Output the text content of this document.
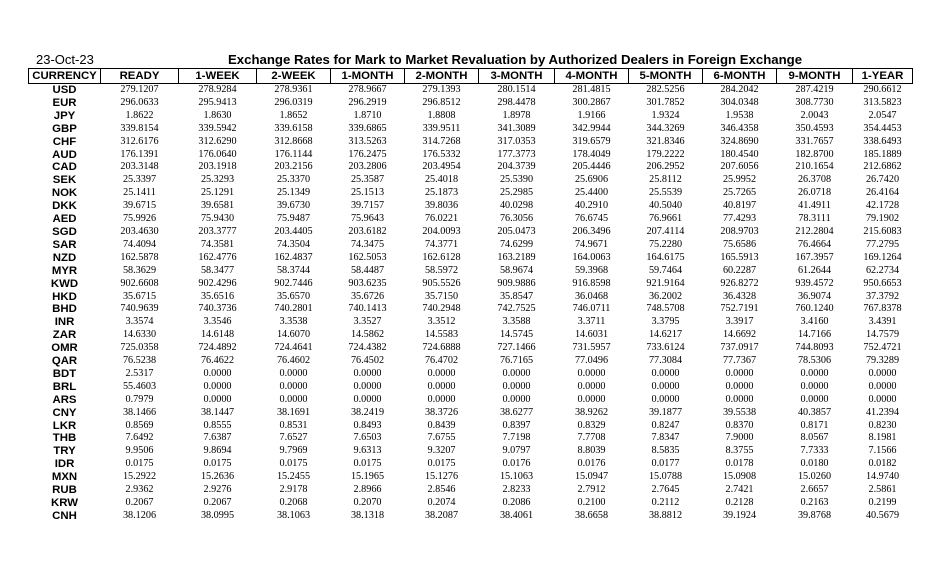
23-Oct-23	Exchange Rates for Mark to Market Revaluation by Authorized Dealers in Foreign Exchange
CURRENCY	READY	1-WEEK	2-WEEK	1-MONTH	2-MONTH	3-MONTH	4-MONTH	5-MONTH	6-MONTH	9-MONTH	1-YEAR
USD	279.1207	278.9284	278.9361	278.9667	279.1393	280.1514	281.4815	282.5256	284.2042	287.4219	290.6612
EUR	296.0633	295.9413	296.0319	296.2919	296.8512	298.4478	300.2867	301.7852	304.0348	308.7730	313.5823
JPY	1.8622	1.8630	1.8652	1.8710	1.8808	1.8978	1.9166	1.9324	1.9538	2.0043	2.0547
GBP	339.8154	339.5942	339.6158	339.6865	339.9511	341.3089	342.9944	344.3269	346.4358	350.4593	354.4453
CHF	312.6176	312.6290	312.8668	313.5263	314.7268	317.0353	319.6579	321.8346	324.8690	331.7657	338.6493
AUD	176.1391	176.0640	176.1144	176.2475	176.5332	177.3773	178.4049	179.2222	180.4540	182.8700	185.1889
CAD	203.3148	203.1918	203.2156	203.2806	203.4954	204.3739	205.4446	206.2952	207.6056	210.1654	212.6862
SEK	25.3397	25.3293	25.3370	25.3587	25.4018	25.5390	25.6906	25.8112	25.9952	26.3708	26.7420
NOK	25.1411	25.1291	25.1349	25.1513	25.1873	25.2985	25.4400	25.5539	25.7265	26.0718	26.4164
DKK	39.6715	39.6581	39.6730	39.7157	39.8036	40.0298	40.2910	40.5040	40.8197	41.4911	42.1728
AED	75.9926	75.9430	75.9487	75.9643	76.0221	76.3056	76.6745	76.9661	77.4293	78.3111	79.1902
SGD	203.4630	203.3777	203.4405	203.6182	204.0093	205.0473	206.3496	207.4114	208.9703	212.2804	215.6083
SAR	74.4094	74.3581	74.3504	74.3475	74.3771	74.6299	74.9671	75.2280	75.6586	76.4664	77.2795
NZD	162.5878	162.4776	162.4837	162.5053	162.6128	163.2189	164.0063	164.6175	165.5913	167.3957	169.1264
MYR	58.3629	58.3477	58.3744	58.4487	58.5972	58.9674	59.3968	59.7464	60.2287	61.2644	62.2734
KWD	902.6608	902.4296	902.7446	903.6235	905.5526	909.9886	916.8598	921.9164	926.8272	939.4572	950.6653
HKD	35.6715	35.6516	35.6570	35.6726	35.7150	35.8547	36.0468	36.2002	36.4328	36.9074	37.3792
BHD	740.9639	740.3736	740.2801	740.1413	740.2948	742.7525	746.0711	748.5708	752.7191	760.1240	767.8378
INR	3.3574	3.3546	3.3538	3.3527	3.3512	3.3588	3.3711	3.3795	3.3917	3.4160	3.4391
ZAR	14.6330	14.6148	14.6070	14.5862	14.5583	14.5745	14.6031	14.6217	14.6692	14.7166	14.7579
OMR	725.0358	724.4892	724.4641	724.4382	724.6888	727.1466	731.5957	733.6124	737.0917	744.8093	752.4721
QAR	76.5238	76.4622	76.4602	76.4502	76.4702	76.7165	77.0496	77.3084	77.7367	78.5306	79.3289
BDT	2.5317	0.0000	0.0000	0.0000	0.0000	0.0000	0.0000	0.0000	0.0000	0.0000	0.0000
BRL	55.4603	0.0000	0.0000	0.0000	0.0000	0.0000	0.0000	0.0000	0.0000	0.0000	0.0000
ARS	0.7979	0.0000	0.0000	0.0000	0.0000	0.0000	0.0000	0.0000	0.0000	0.0000	0.0000
CNY	38.1466	38.1447	38.1691	38.2419	38.3726	38.6277	38.9262	39.1877	39.5538	40.3857	41.2394
LKR	0.8569	0.8555	0.8531	0.8493	0.8439	0.8397	0.8329	0.8247	0.8370	0.8171	0.8230
THB	7.6492	7.6387	7.6527	7.6503	7.6755	7.7198	7.7708	7.8347	7.9000	8.0567	8.1981
TRY	9.9506	9.8694	9.7969	9.6313	9.3207	9.0797	8.8039	8.5835	8.3755	7.7333	7.1566
IDR	0.0175	0.0175	0.0175	0.0175	0.0175	0.0176	0.0176	0.0177	0.0178	0.0180	0.0182
MXN	15.2922	15.2636	15.2455	15.1965	15.1276	15.1063	15.0947	15.0788	15.0908	15.0260	14.9740
RUB	2.9362	2.9276	2.9178	2.8966	2.8546	2.8233	2.7912	2.7645	2.7421	2.6657	2.5861
KRW	0.2067	0.2067	0.2068	0.2070	0.2074	0.2086	0.2100	0.2112	0.2128	0.2163	0.2199
CNH	38.1206	38.0995	38.1063	38.1318	38.2087	38.4061	38.6658	38.8812	39.1924	39.8768	40.5679
